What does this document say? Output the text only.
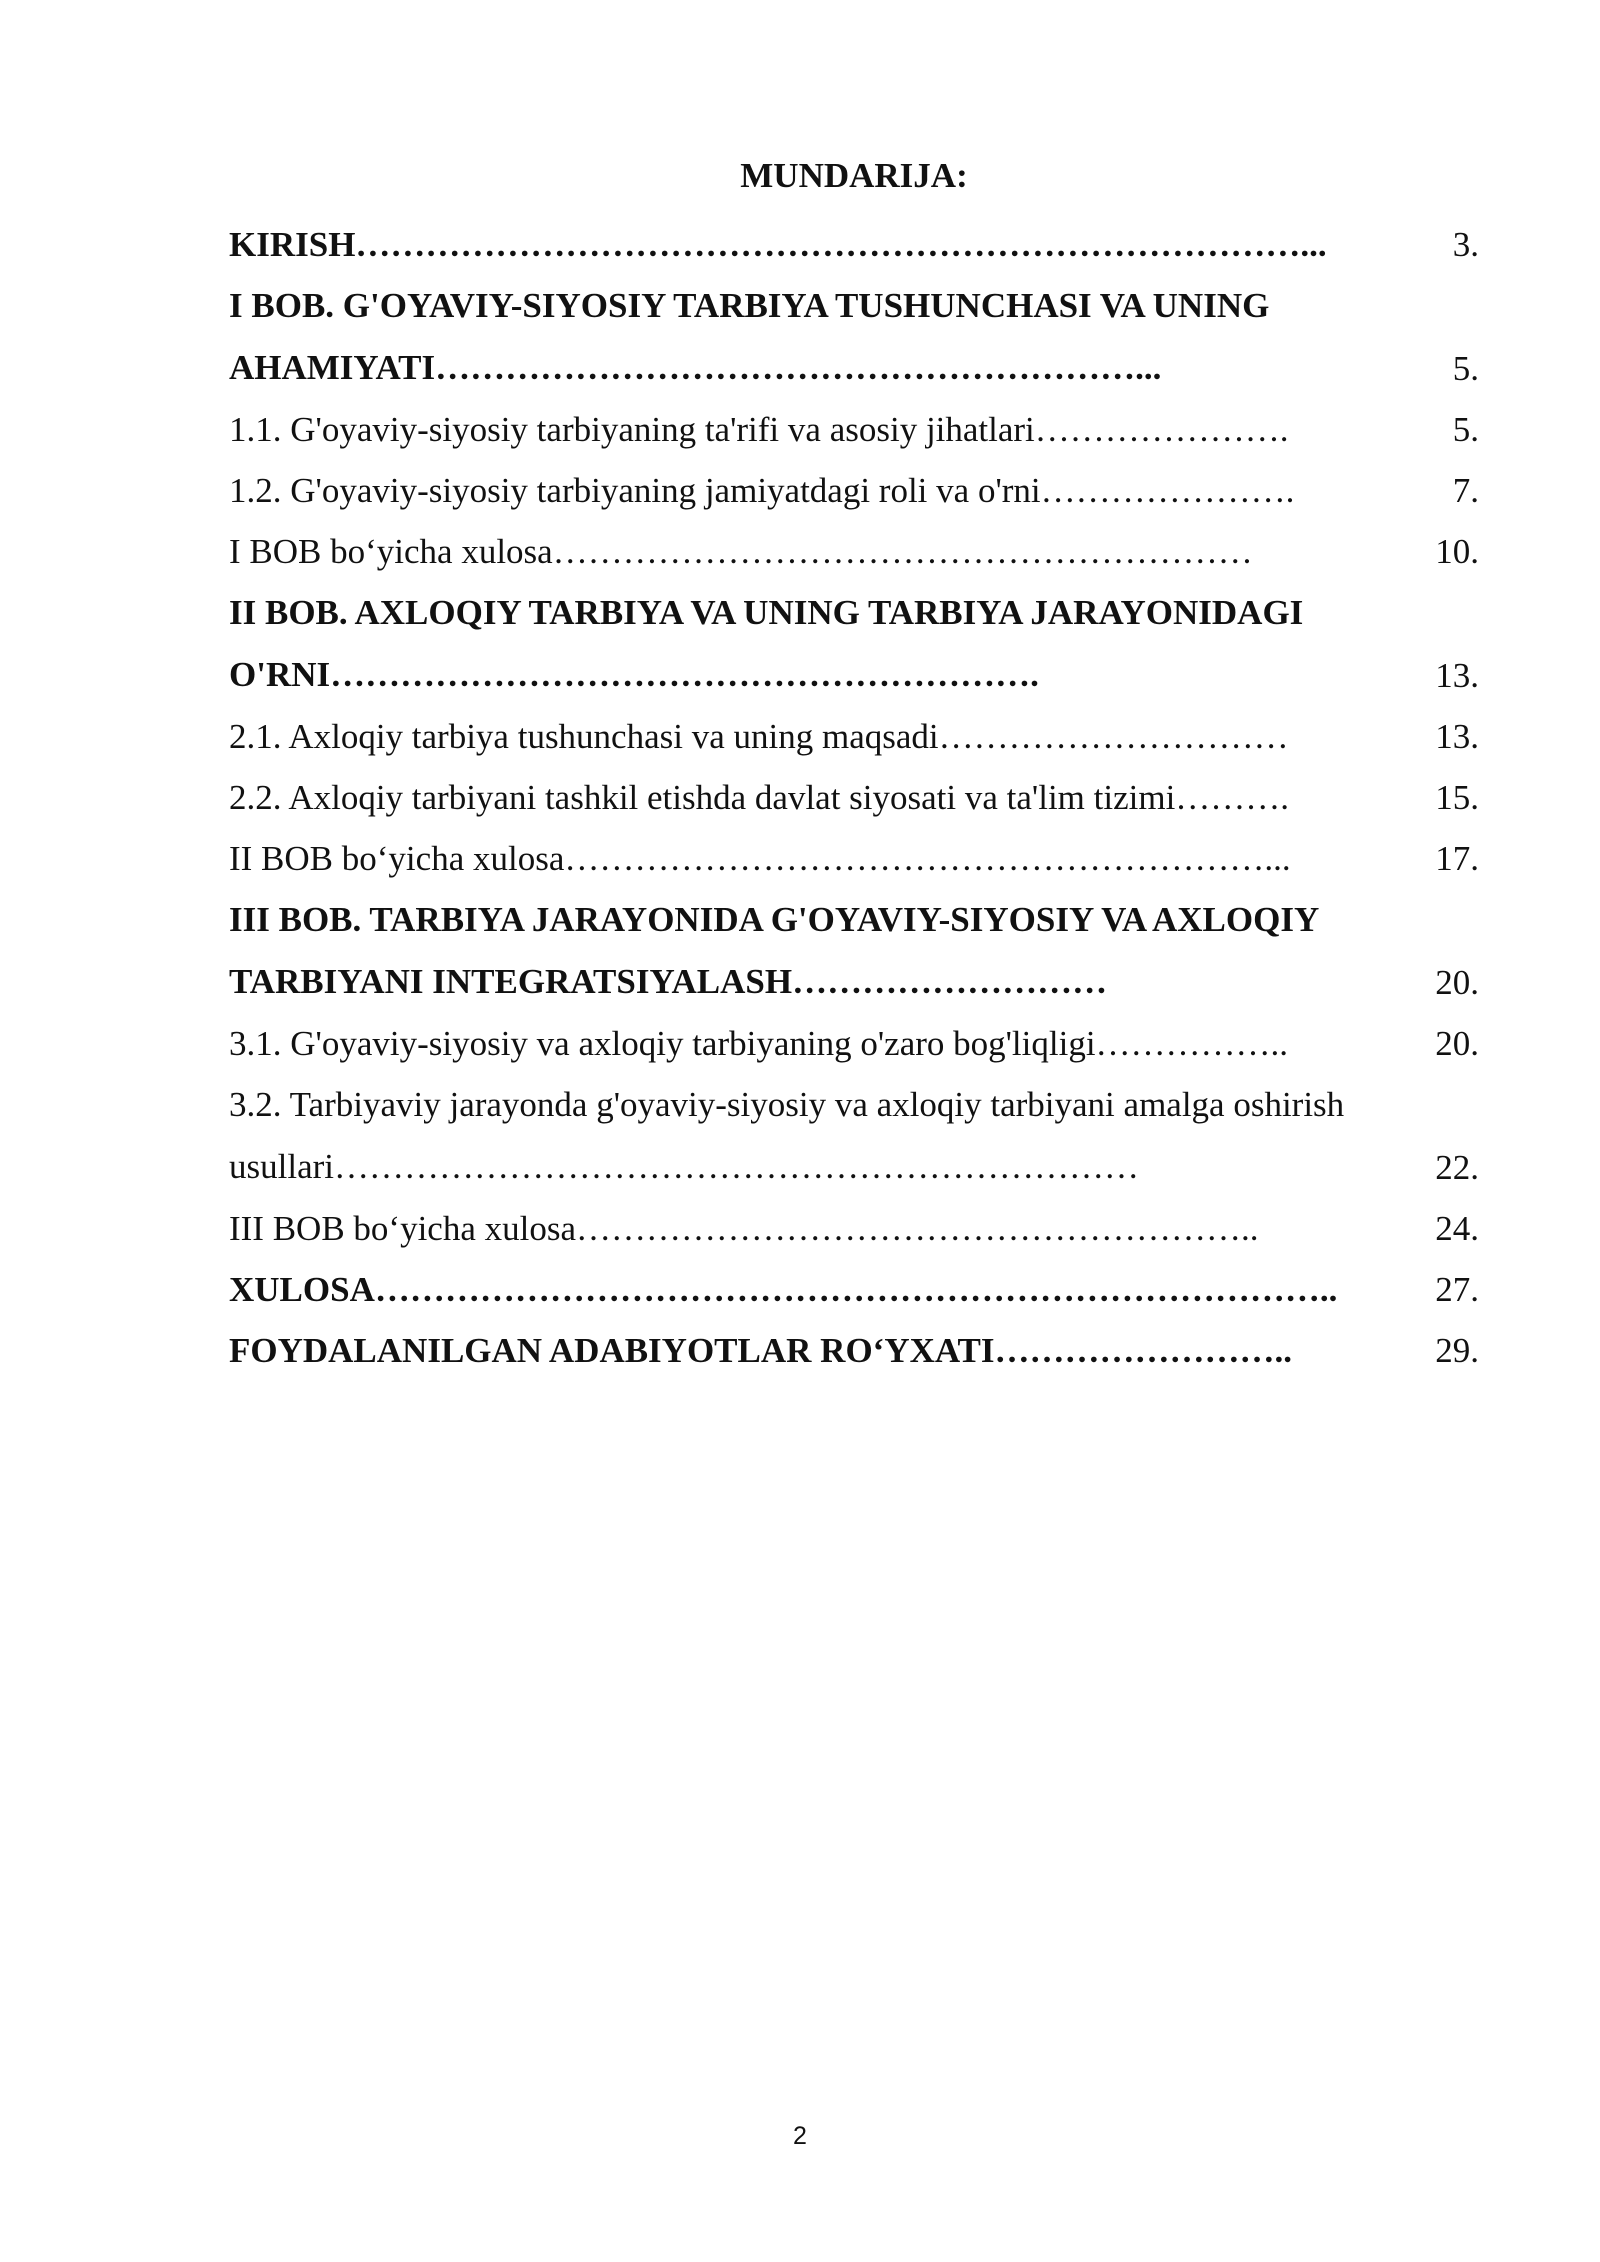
MUNDARIJA:
KIRISH………………………………………………………………………...	3.
I BOB. G'OYAVIY-SIYOSIY TARBIYA TUSHUNCHASI VA UNING AHAMIYATI……………………………………………………...	5.
1.1. G'oyaviy-siyosiy tarbiyaning ta'rifi va asosiy jihatlari………………….	5.
1.2. G'oyaviy-siyosiy tarbiyaning jamiyatdagi roli va o'rni………………….	7.
I BOB bo‘yicha xulosa……………………………………………………	10.
II BOB. AXLOQIY TARBIYA VA UNING TARBIYA JARAYONIDAGI O'RNI…………………………………………………….	13.
2.1. Axloqiy tarbiya tushunchasi va uning maqsadi…………………………	13.
2.2. Axloqiy tarbiyani tashkil etishda davlat siyosati va ta'lim tizimi……….	15.
II BOB bo‘yicha xulosa……………………………………………………...	17.
III BOB. TARBIYA JARAYONIDA G'OYAVIY-SIYOSIY VA AXLOQIY TARBIYANI INTEGRATSIYALASH………………………	20.
3.1. G'oyaviy-siyosiy va axloqiy tarbiyaning o'zaro bog'liqligi……………..	20.
3.2. Tarbiyaviy jarayonda g'oyaviy-siyosiy va axloqiy tarbiyani amalga oshirish usullari……………………………………………………………	22.
III BOB bo‘yicha xulosa…………………………………………………..	24.
XULOSA………………………………………………………………………..	27.
FOYDALANILGAN ADABIYOTLAR RO‘YXATI……………………..	29.
2
